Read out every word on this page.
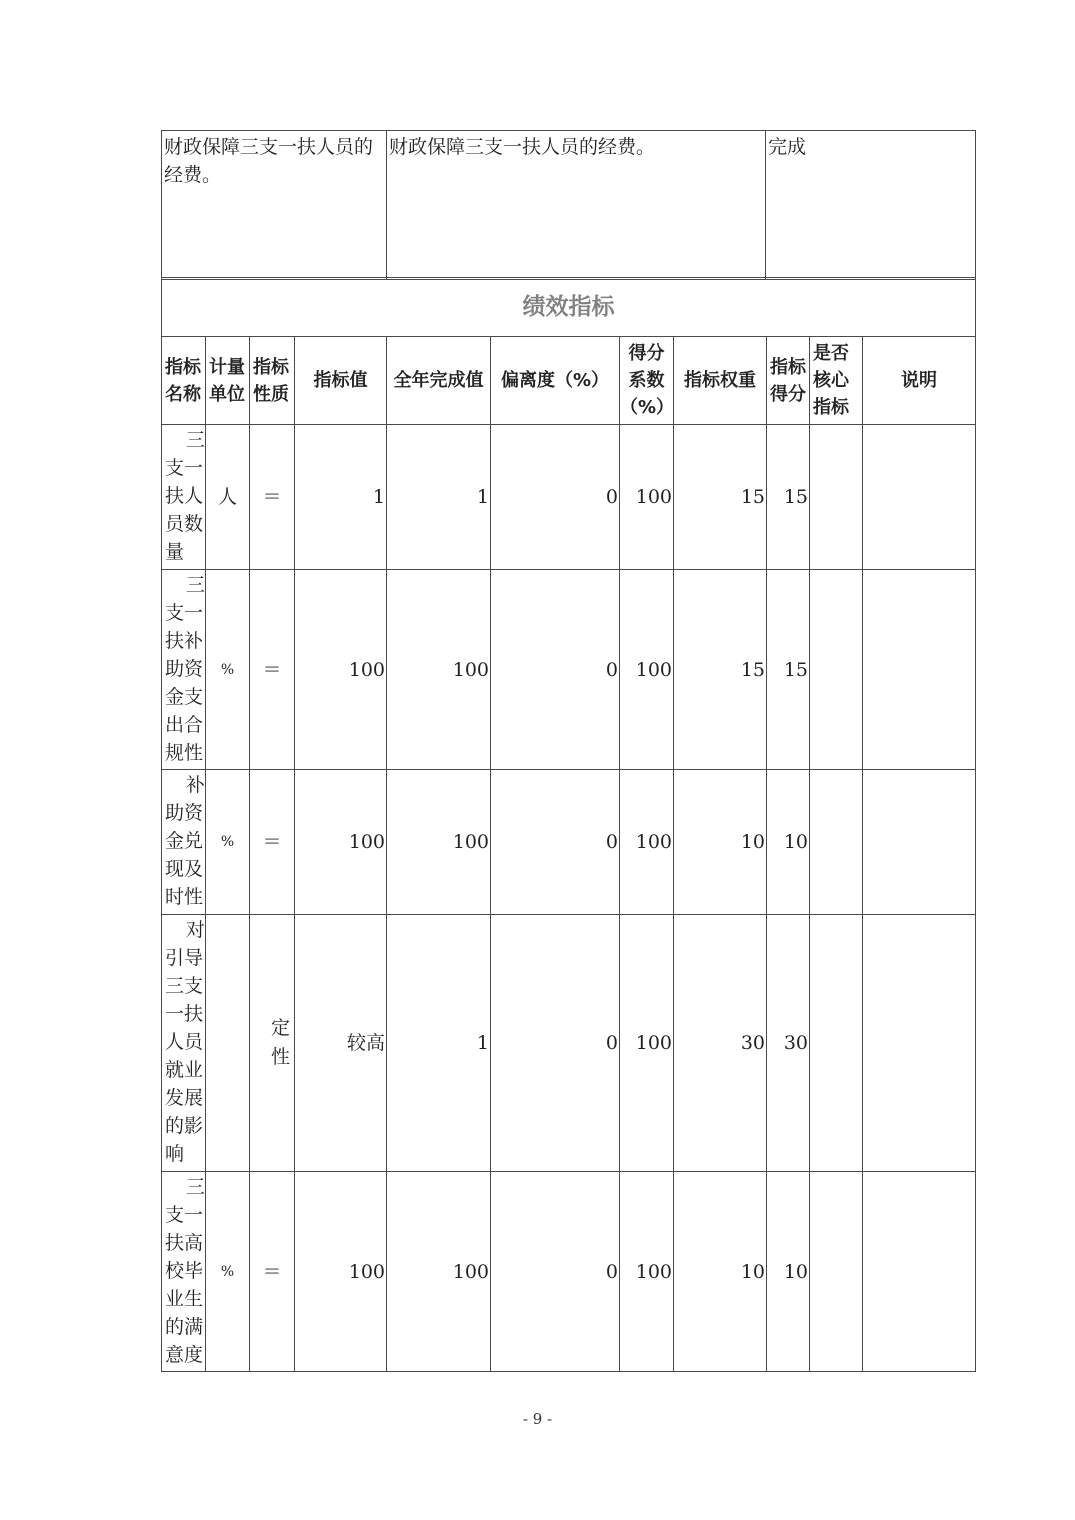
财政保障三支一扶人员的经费。	财政保障三支一扶人员的经费。	完成
绩效指标										
指标名称	计量单位	指标性质	指标值	全年完成值	偏离度（%）	得分系数（%）	指标权重	指标得分	是否核心指标	说明

三支一扶人员数量	人	＝	1	1	0	100	15	15		

三支一扶补助资金支出合规性	%	＝	100	100	0	100	15	15		

补助资金兑现及时性	%	＝	100	100	0	100	10	10		

对引导三支一扶人员就业发展的影响		定性	较高	1	0	100	30	30		

三支一扶高校毕业生的满意度	%	＝	100	100	0	100	10	10		
- 9 -
